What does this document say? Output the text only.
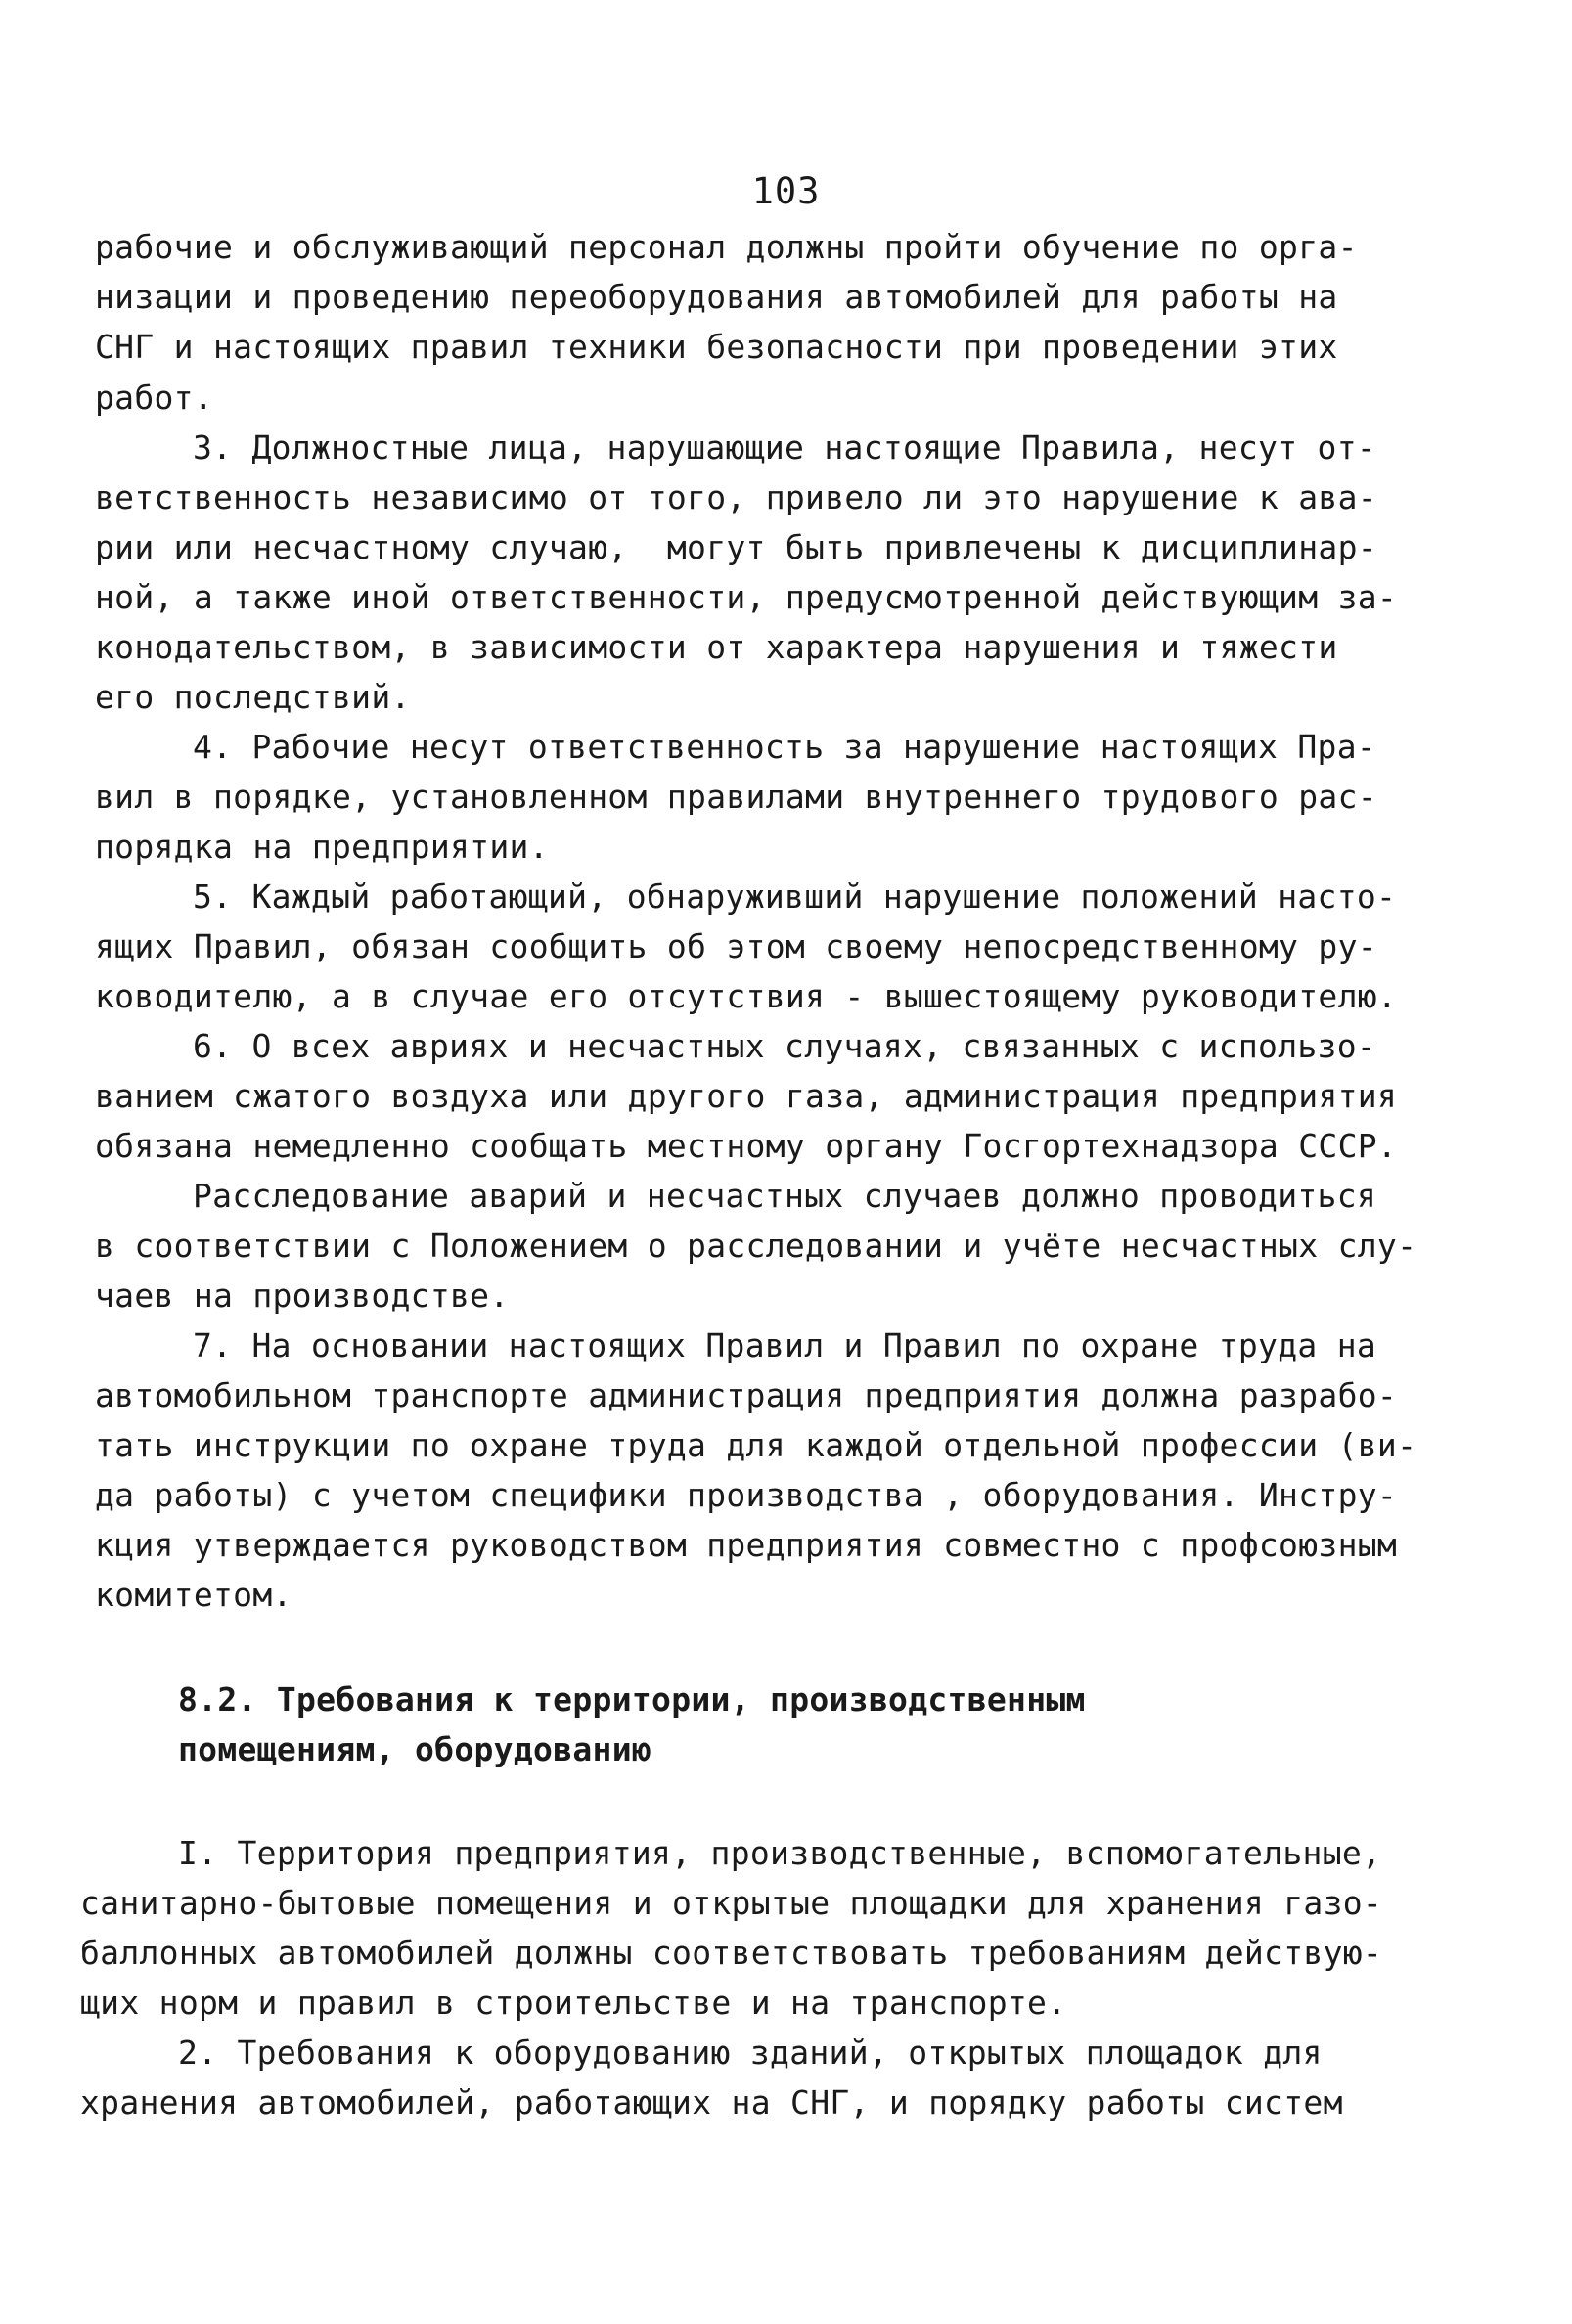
103
рабочие и обслуживающий персонал должны пройти обучение по орга-
низации и проведению переоборудования автомобилей для работы на
СНГ и настоящих правил техники безопасности при проведении этих
работ.
3. Должностные лица, нарушающие настоящие Правила, несут от-
ветственность независимо от того, привело ли это нарушение к ава-
рии или несчастному случаю,  могут быть привлечены к дисциплинар-
ной, а также иной ответственности, предусмотренной действующим за-
конодательством, в зависимости от характера нарушения и тяжести
его последствий.
4. Рабочие несут ответственность за нарушение настоящих Пра-
вил в порядке, установленном правилами внутреннего трудового рас-
порядка на предприятии.
5. Каждый работающий, обнаруживший нарушение положений насто-
ящих Правил, обязан сообщить об этом своему непосредственному ру-
ководителю, а в случае его отсутствия - вышестоящему руководителю.
6. О всех авриях и несчастных случаях, связанных с использо-
ванием сжатого воздуха или другого газа, администрация предприятия
обязана немедленно сообщать местному органу Госгортехнадзора СССР.
Расследование аварий и несчастных случаев должно проводиться
в соответствии с Положением о расследовании и учёте несчастных слу-
чаев на производстве.
7. На основании настоящих Правил и Правил по охране труда на
автомобильном транспорте администрация предприятия должна разрабо-
тать инструкции по охране труда для каждой отдельной профессии (ви-
да работы) с учетом специфики производства , оборудования. Инстру-
кция утверждается руководством предприятия совместно с профсоюзным
комитетом.
8.2. Требования к территории, производственным
помещениям, оборудованию
I. Территория предприятия, производственные, вспомогательные,
санитарно-бытовые помещения и открытые площадки для хранения газо-
баллонных автомобилей должны соответствовать требованиям действую-
щих норм и правил в строительстве и на транспорте.
2. Требования к оборудованию зданий, открытых площадок для
хранения автомобилей, работающих на СНГ, и порядку работы систем
